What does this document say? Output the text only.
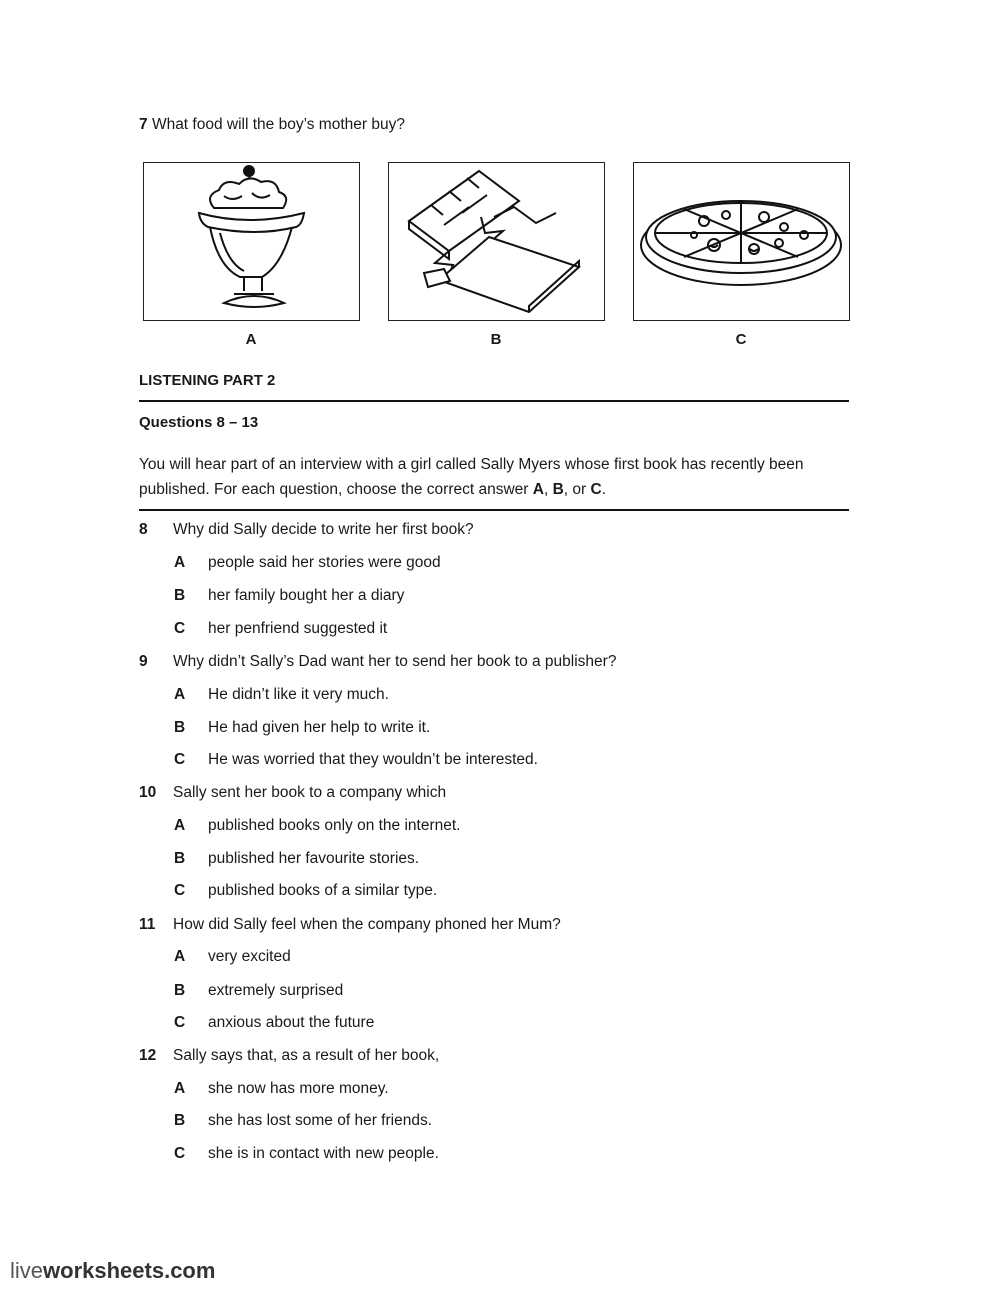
7 What food will the boy’s mother buy?
A	B	C
LISTENING PART 2
Questions 8 – 13
You will hear part of an interview with a girl called Sally Myers whose first book has recently been published. For each question, choose the correct answer A, B, or C.
8 Why did Sally decide to write her first book?
A people said her stories were good
B her family bought her a diary
C her penfriend suggested it
9 Why didn’t Sally’s Dad want her to send her book to a publisher?
A He didn’t like it very much.
B He had given her help to write it.
C He was worried that they wouldn’t be interested.
10 Sally sent her book to a company which
A published books only on the internet.
B published her favourite stories.
C published books of a similar type.
11 How did Sally feel when the company phoned her Mum?
A very excited
B extremely surprised
C anxious about the future
12 Sally says that, as a result of her book,
A she now has more money.
B she has lost some of her friends.
C she is in contact with new people.
liveworksheets.com
